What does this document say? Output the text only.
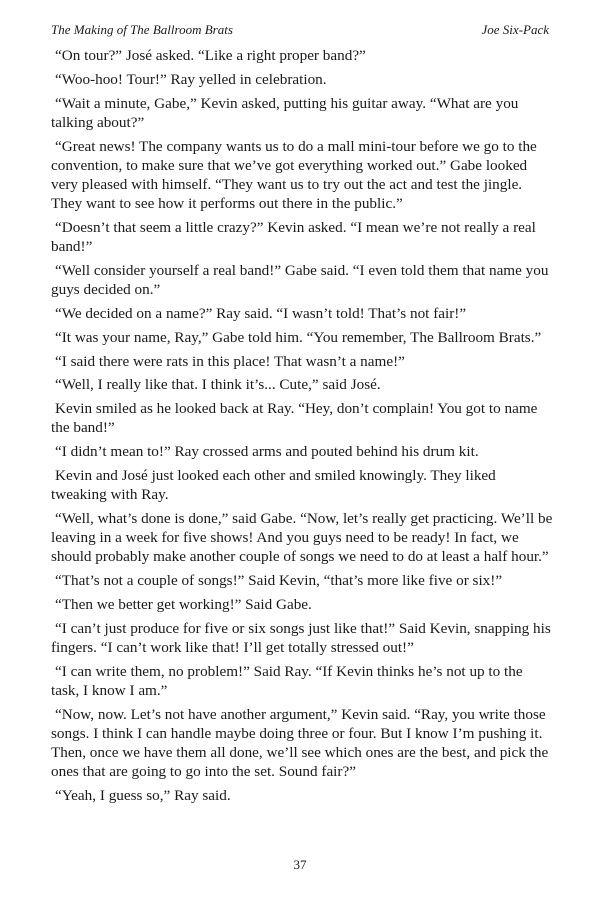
The Making of The Ballroom Brats	Joe Six-Pack

“On tour?” José asked. “Like a right proper band?”

“Woo-hoo! Tour!” Ray yelled in celebration.

“Wait a minute, Gabe,” Kevin asked, putting his guitar away. “What are you talking about?”

“Great news! The company wants us to do a mall mini-tour before we go to the convention, to make sure that we’ve got everything worked out.” Gabe looked very pleased with himself. “They want us to try out the act and test the jingle. They want to see how it performs out there in the public.”

“Doesn’t that seem a little crazy?” Kevin asked. “I mean we’re not really a real band!”

“Well consider yourself a real band!” Gabe said. “I even told them that name you guys decided on.”

“We decided on a name?” Ray said. “I wasn’t told! That’s not fair!”

“It was your name, Ray,” Gabe told him. “You remember, The Ballroom Brats.”

“I said there were rats in this place! That wasn’t a name!”

“Well, I really like that. I think it’s... Cute,” said José.

Kevin smiled as he looked back at Ray. “Hey, don’t complain! You got to name the band!”

“I didn’t mean to!” Ray crossed arms and pouted behind his drum kit.

Kevin and José just looked each other and smiled knowingly. They liked tweaking with Ray.

“Well, what’s done is done,” said Gabe. “Now, let’s really get practicing. We’ll be leaving in a week for five shows! And you guys need to be ready! In fact, we should probably make another couple of songs we need to do at least a half hour.”

“That’s not a couple of songs!” Said Kevin, “that’s more like five or six!”

“Then we better get working!” Said Gabe.

“I can’t just produce for five or six songs just like that!” Said Kevin, snapping his fingers. “I can’t work like that! I’ll get totally stressed out!”

“I can write them, no problem!” Said Ray. “If Kevin thinks he’s not up to the task, I know I am.”

“Now, now. Let’s not have another argument,” Kevin said. “Ray, you write those songs. I think I can handle maybe doing three or four. But I know I’m pushing it. Then, once we have them all done, we’ll see which ones are the best, and pick the ones that are going to go into the set. Sound fair?”

“Yeah, I guess so,” Ray said.

37
